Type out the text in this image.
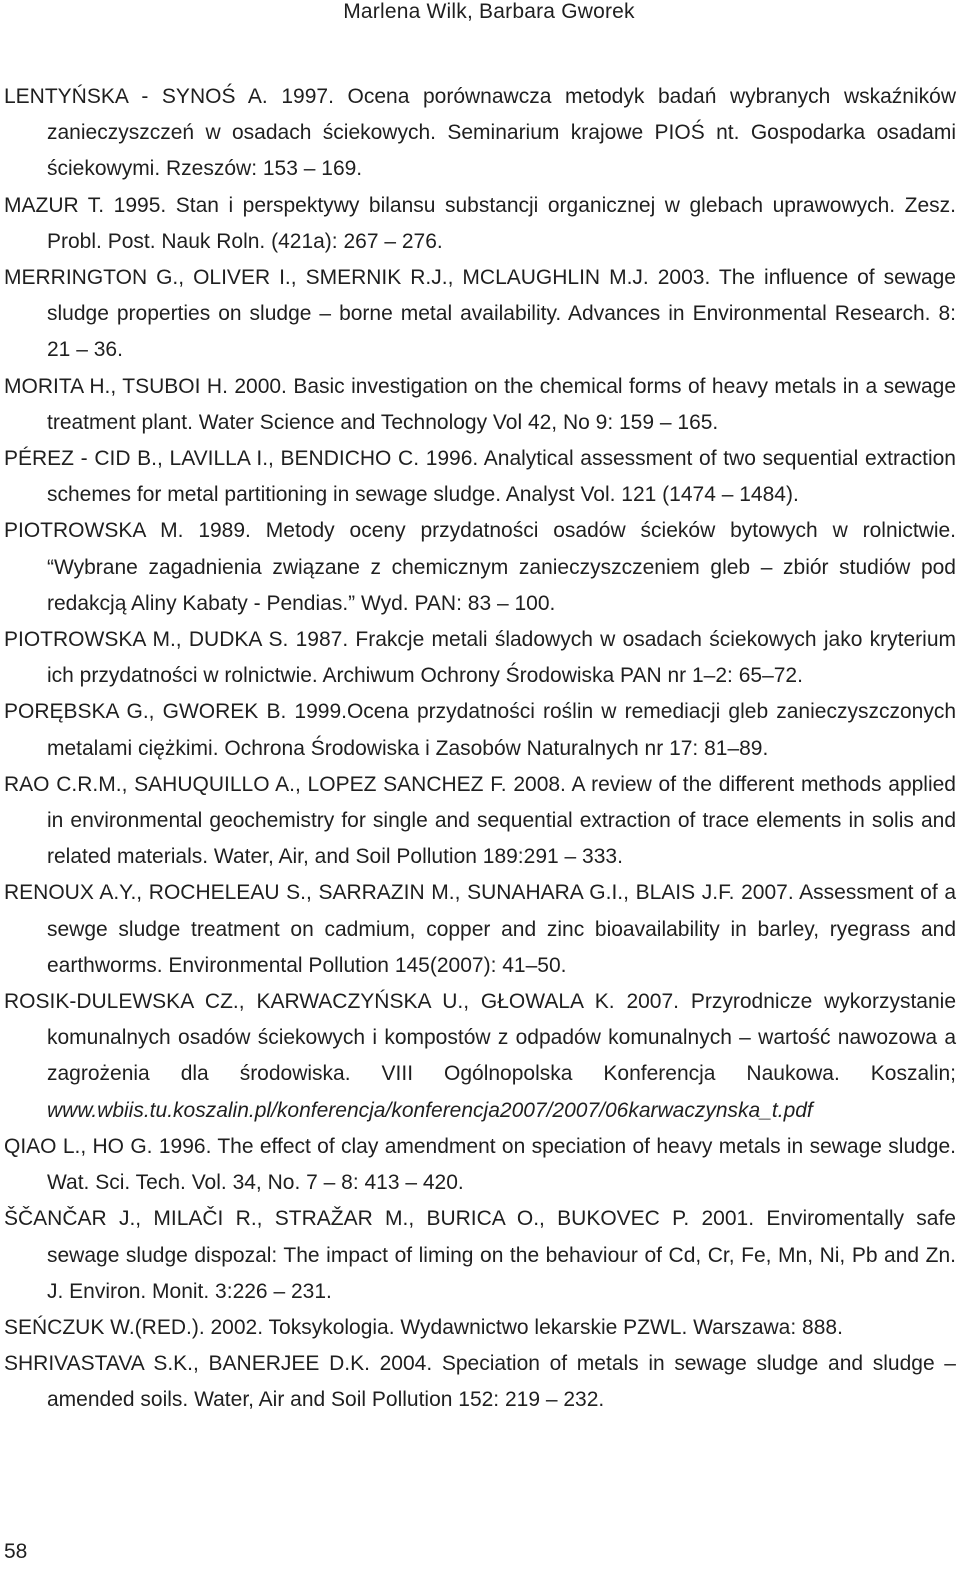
Marlena Wilk, Barbara Gworek
LENTYŃSKA - SYNOŚ A. 1997. Ocena porównawcza metodyk badań wybranych wskaźników zanieczyszczeń w osadach ściekowych. Seminarium krajowe PIOŚ nt. Gospodarka osadami ściekowymi. Rzeszów: 153 – 169.
MAZUR T. 1995. Stan i perspektywy bilansu substancji organicznej w glebach uprawowych. Zesz. Probl. Post. Nauk Roln. (421a): 267 – 276.
MERRINGTON G., OLIVER I., SMERNIK R.J., MCLAUGHLIN M.J. 2003. The influence of sewage sludge properties on sludge – borne metal availability. Advances in Environmental Research. 8: 21 – 36.
MORITA H., TSUBOI H. 2000. Basic investigation on the chemical forms of heavy metals in a sewage treatment plant. Water Science and Technology Vol 42, No 9: 159 – 165.
PÉREZ - CID B., LAVILLA I., BENDICHO C. 1996. Analytical assessment of two sequential extraction schemes for metal partitioning in sewage sludge. Analyst Vol. 121 (1474 – 1484).
PIOTROWSKA M. 1989. Metody oceny przydatności osadów ścieków bytowych w rolnictwie. “Wybrane zagadnienia związane z chemicznym zanieczyszczeniem gleb – zbiór studiów pod redakcją Aliny Kabaty - Pendias.” Wyd. PAN: 83 – 100.
PIOTROWSKA M., DUDKA S. 1987. Frakcje metali śladowych w osadach ściekowych jako kryterium ich przydatności w rolnictwie. Archiwum Ochrony Środowiska PAN nr 1–2: 65–72.
PORĘBSKA G., GWOREK B. 1999.Ocena przydatności roślin w remediacji gleb zanieczyszczonych metalami ciężkimi. Ochrona Środowiska i Zasobów Naturalnych nr 17: 81–89.
RAO C.R.M., SAHUQUILLO A., LOPEZ SANCHEZ F. 2008. A review of the different methods applied in environmental geochemistry for single and sequential extraction of trace elements in solis and related materials. Water, Air, and Soil Pollution 189:291 – 333.
RENOUX A.Y., ROCHELEAU S., SARRAZIN M., SUNAHARA G.I., BLAIS J.F. 2007. Assessment of a sewge sludge treatment on cadmium, copper and zinc bioavailability in barley, ryegrass and earthworms. Environmental Pollution 145(2007): 41–50.
ROSIK-DULEWSKA CZ., KARWACZYŃSKA U., GŁOWALA K. 2007. Przyrodnicze wykorzystanie komunalnych osadów ściekowych i kompostów z odpadów komunalnych – wartość nawozowa a zagrożenia dla środowiska. VIII Ogólnopolska Konferencja Naukowa. Koszalin; www.wbiis.tu.koszalin.pl/konferencja/konferencja2007/2007/06karwaczynska_t.pdf
QIAO L., HO G. 1996. The effect of clay amendment on speciation of heavy metals in sewage sludge. Wat. Sci. Tech. Vol. 34, No. 7 – 8: 413 – 420.
ŠČANČAR J., MILAČI R., STRAŽAR M., BURICA O., BUKOVEC P. 2001. Enviromentally safe sewage sludge dispozal: The impact of liming on the behaviour of Cd, Cr, Fe, Mn, Ni, Pb and Zn. J. Environ. Monit. 3:226 – 231.
SEŃCZUK W.(RED.). 2002. Toksykologia. Wydawnictwo lekarskie PZWL. Warszawa: 888.
SHRIVASTAVA S.K., BANERJEE D.K. 2004. Speciation of metals in sewage sludge and sludge – amended soils. Water, Air and Soil Pollution 152: 219 – 232.
58
